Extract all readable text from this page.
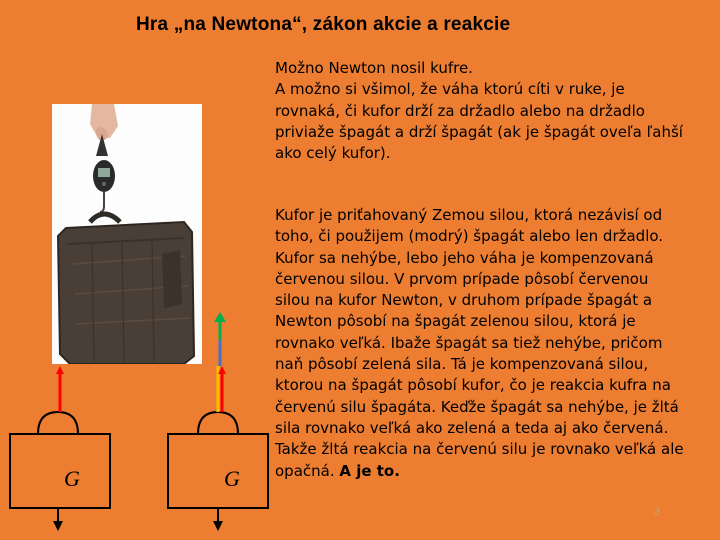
Hra „na Newtona“, zákon akcie a reakcie
G	G
Možno Newton nosil kufre.
A možno si všimol, že váha ktorú cíti v ruke, je
rovnaká, či kufor drží za držadlo alebo na držadlo
priviaže špagát a drží špagát (ak je špagát oveľa ľahší
ako celý kufor).
Kufor je priťahovaný Zemou silou, ktorá nezávisí od
toho, či použijem (modrý) špagát alebo len držadlo.
Kufor sa nehýbe, lebo jeho váha je kompenzovaná
červenou silou. V prvom prípade pôsobí červenou
silou na kufor Newton, v druhom prípade špagát a
Newton pôsobí na špagát zelenou silou, ktorá je
rovnako veľká. Ibaže špagát sa tiež nehýbe, pričom
naň pôsobí zelená sila. Tá je kompenzovaná silou,
ktorou na špagát pôsobí kufor, čo je reakcia kufra na
červenú silu špagáta. Keďže špagát sa nehýbe, je žltá
sila rovnako veľká ako zelená a teda aj ako červená.
Takže žltá reakcia na červenú silu je rovnako veľká ale
opačná. A je to.
3
